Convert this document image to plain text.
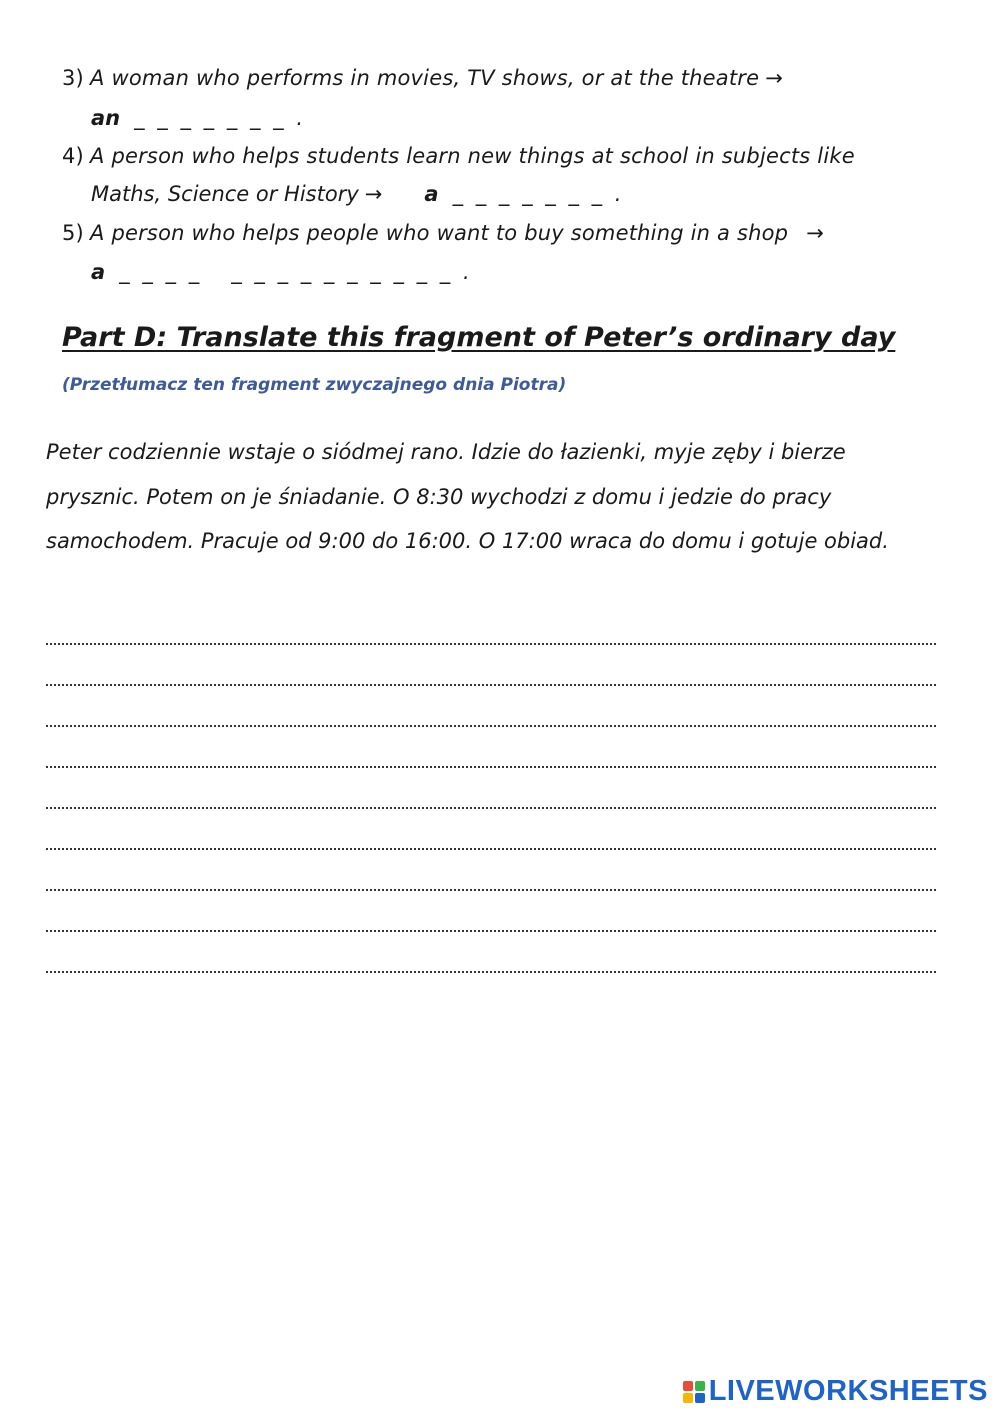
3) A woman who performs in movies, TV shows, or at the theatre →
an _ _ _ _ _ _ _ .
4) A person who helps students learn new things at school in subjects like
Maths, Science or History → a _ _ _ _ _ _ _ .
5) A person who helps people who want to buy something in a shop →
a _ _ _ _   _ _ _ _ _ _ _ _ _ _ .
Part D: Translate this fragment of Peter’s ordinary day
(Przetłumacz ten fragment zwyczajnego dnia Piotra)
Peter codziennie wstaje o siódmej rano. Idzie do łazienki, myje zęby i bierze prysznic. Potem on je śniadanie. O 8:30 wychodzi z domu i jedzie do pracy samochodem. Pracuje od 9:00 do 16:00. O 17:00 wraca do domu i gotuje obiad.
LIVEWORKSHEETS
